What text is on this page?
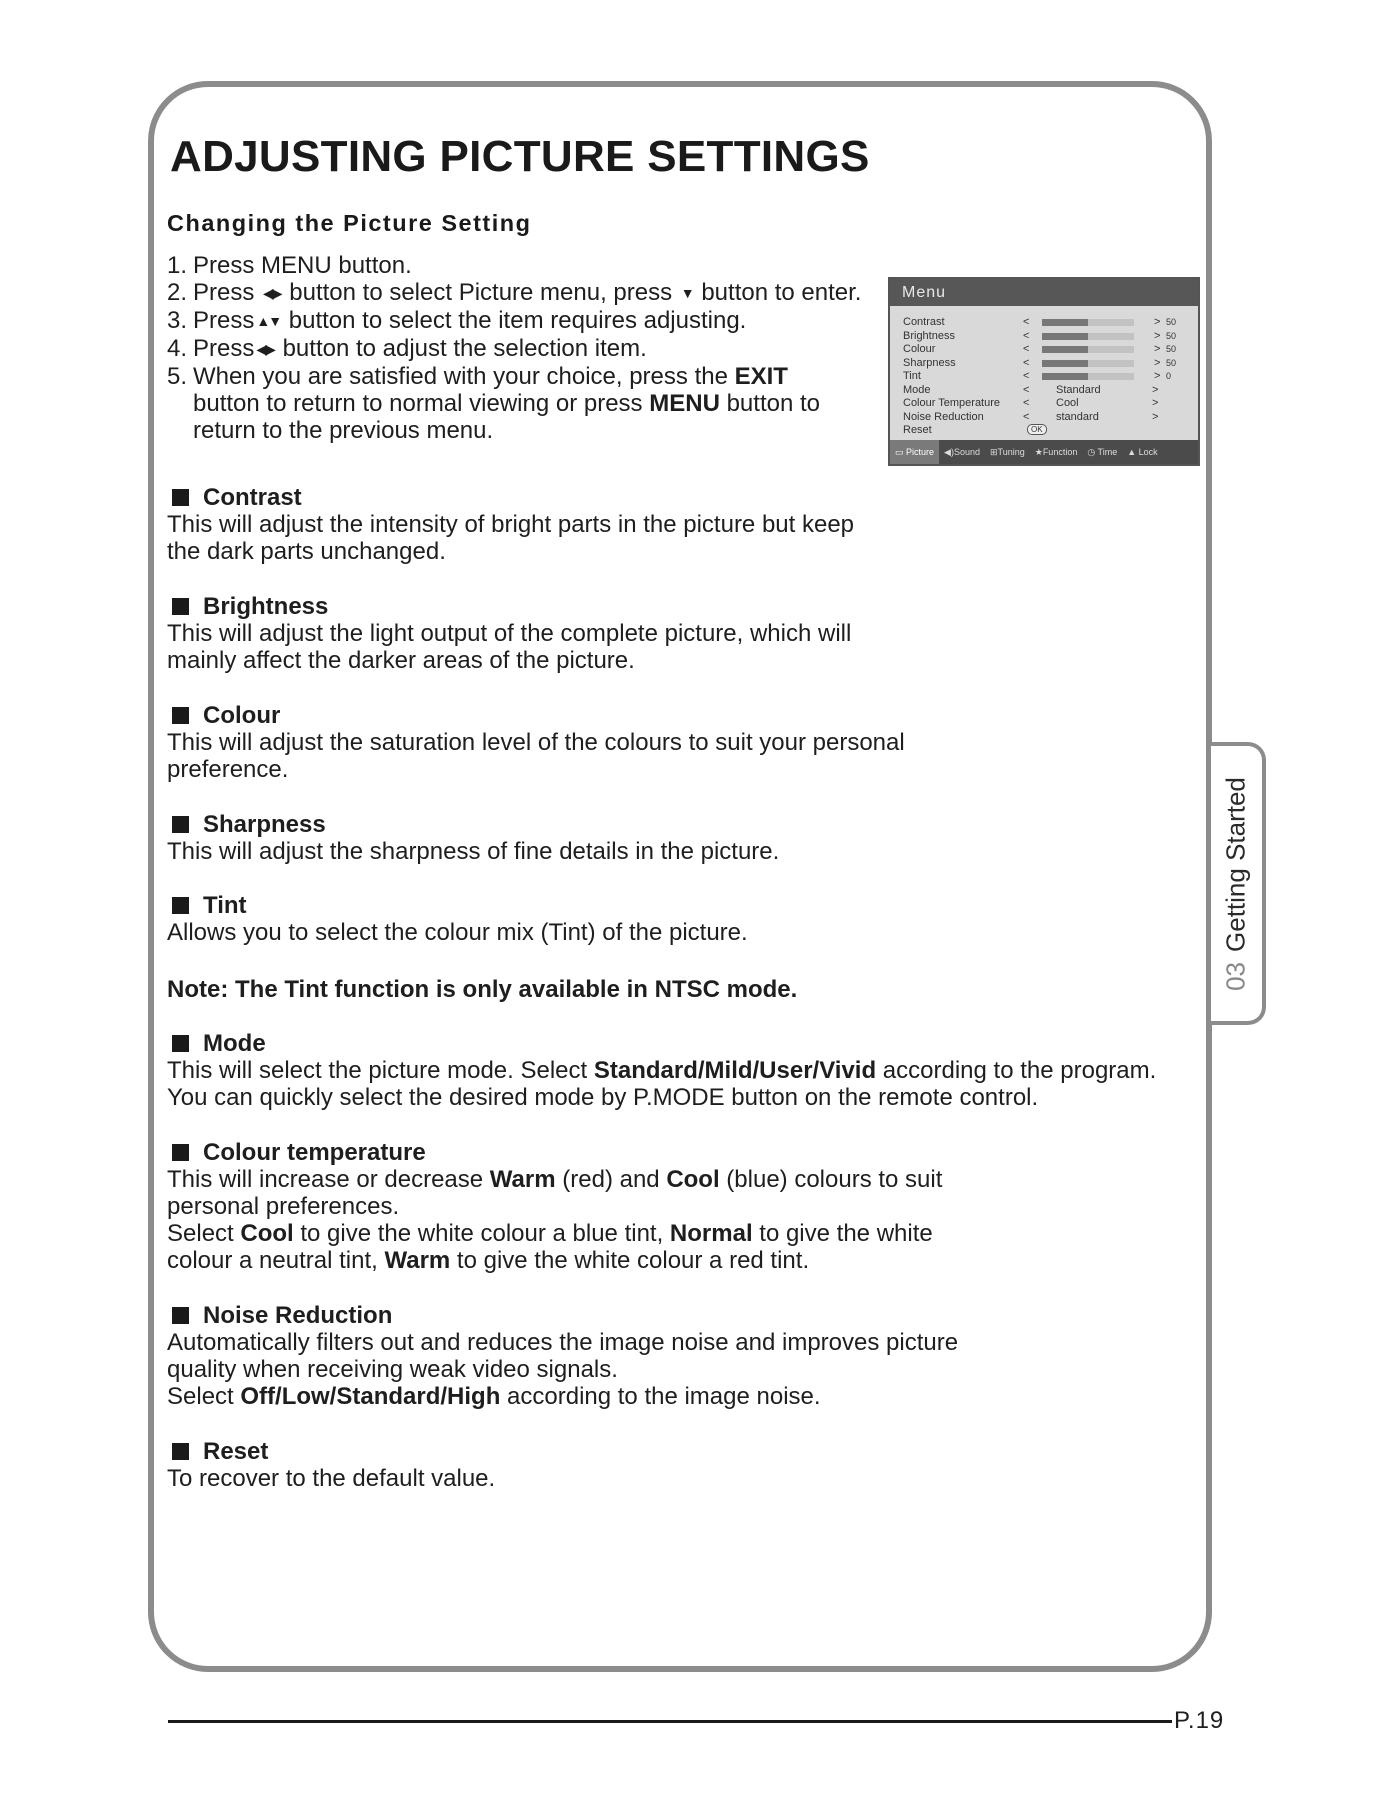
ADJUSTING PICTURE SETTINGS
Changing the Picture Setting
1. Press MENU button.
2. Press ◀▶ button to select Picture menu, press ▼ button to enter.
3. Press ▲▼ button to select the item requires adjusting.
4. Press ◀▶ button to adjust the selection item.
5. When you are satisfied with your choice, press the EXIT
button to return to normal viewing or press MENU button to
return to the previous menu.
Menu
Contrast	<	> 50
Brightness	<	> 50
Colour	<	> 50
Sharpness	<	> 50
Tint	<	> 0
Mode	< Standard	>
Colour Temperature < Cool	>
Noise Reduction	< standard	>
Reset	OK
▭ Picture	◀)Sound	⊞Tuning	★Function	◷ Time	▲ Lock
Contrast

This will adjust the intensity of bright parts in the picture but keep

the dark parts unchanged.

Brightness

This will adjust the light output of the complete picture, which will

mainly affect the darker areas of the picture.

Colour

This will adjust the saturation level of the colours to suit your personal

preference.

Sharpness

This will adjust the sharpness of fine details in the picture.

Tint

Allows you to select the colour mix (Tint) of the picture.

Note: The Tint function is only available in NTSC mode.

Mode

This will select the picture mode. Select Standard/Mild/User/Vivid according to the program.

You can quickly select the desired mode by P.MODE button on the remote control.

Colour temperature

This will increase or decrease Warm (red) and Cool (blue) colours to suit

personal preferences.

Select Cool to give the white colour a blue tint, Normal to give the white

colour a neutral tint, Warm to give the white colour a red tint.

Noise Reduction

Automatically filters out and reduces the image noise and improves picture

quality when receiving weak video signals.

Select Off/Low/Standard/High according to the image noise.

Reset

To recover to the default value.

03Getting Started

P.19
